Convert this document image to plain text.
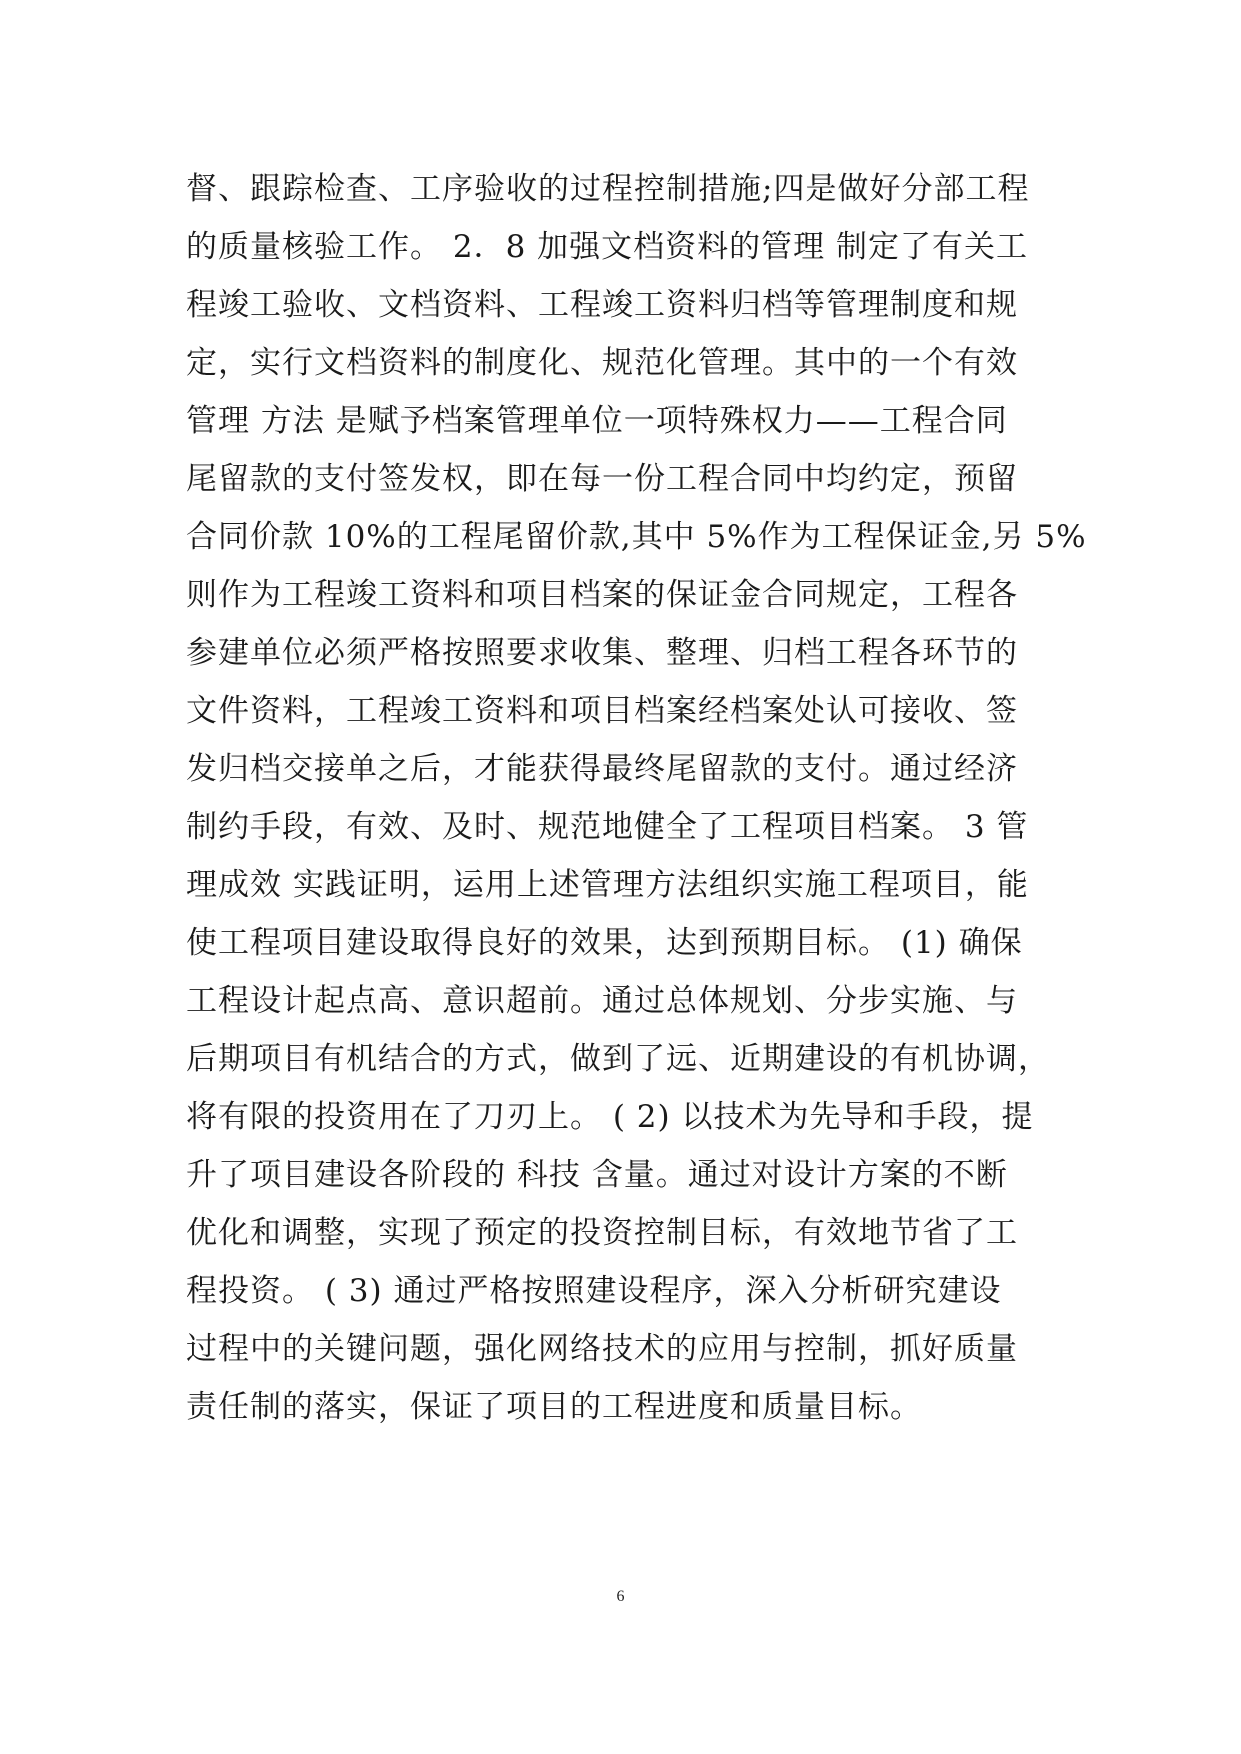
督、跟踪检查、工序验收的过程控制措施;四是做好分部工程
的质量核验工作。 2．8 加强文档资料的管理 制定了有关工
程竣工验收、文档资料、工程竣工资料归档等管理制度和规
定，实行文档资料的制度化、规范化管理。其中的一个有效
管理 方法 是赋予档案管理单位一项特殊权力——工程合同
尾留款的支付签发权，即在每一份工程合同中均约定，预留
合同价款 10%的工程尾留价款,其中 5%作为工程保证金,另 5%
则作为工程竣工资料和项目档案的保证金合同规定，工程各
参建单位必须严格按照要求收集、整理、归档工程各环节的
文件资料，工程竣工资料和项目档案经档案处认可接收、签
发归档交接单之后，才能获得最终尾留款的支付。通过经济
制约手段，有效、及时、规范地健全了工程项目档案。 3 管
理成效 实践证明，运用上述管理方法组织实施工程项目，能
使工程项目建设取得良好的效果，达到预期目标。 (1) 确保
工程设计起点高、意识超前。通过总体规划、分步实施、与
后期项目有机结合的方式，做到了远、近期建设的有机协调，
将有限的投资用在了刀刃上。 ( 2) 以技术为先导和手段，提
升了项目建设各阶段的 科技 含量。通过对设计方案的不断
优化和调整，实现了预定的投资控制目标，有效地节省了工
程投资。 ( 3) 通过严格按照建设程序，深入分析研究建设
过程中的关键问题，强化网络技术的应用与控制，抓好质量
责任制的落实，保证了项目的工程进度和质量目标。
6
